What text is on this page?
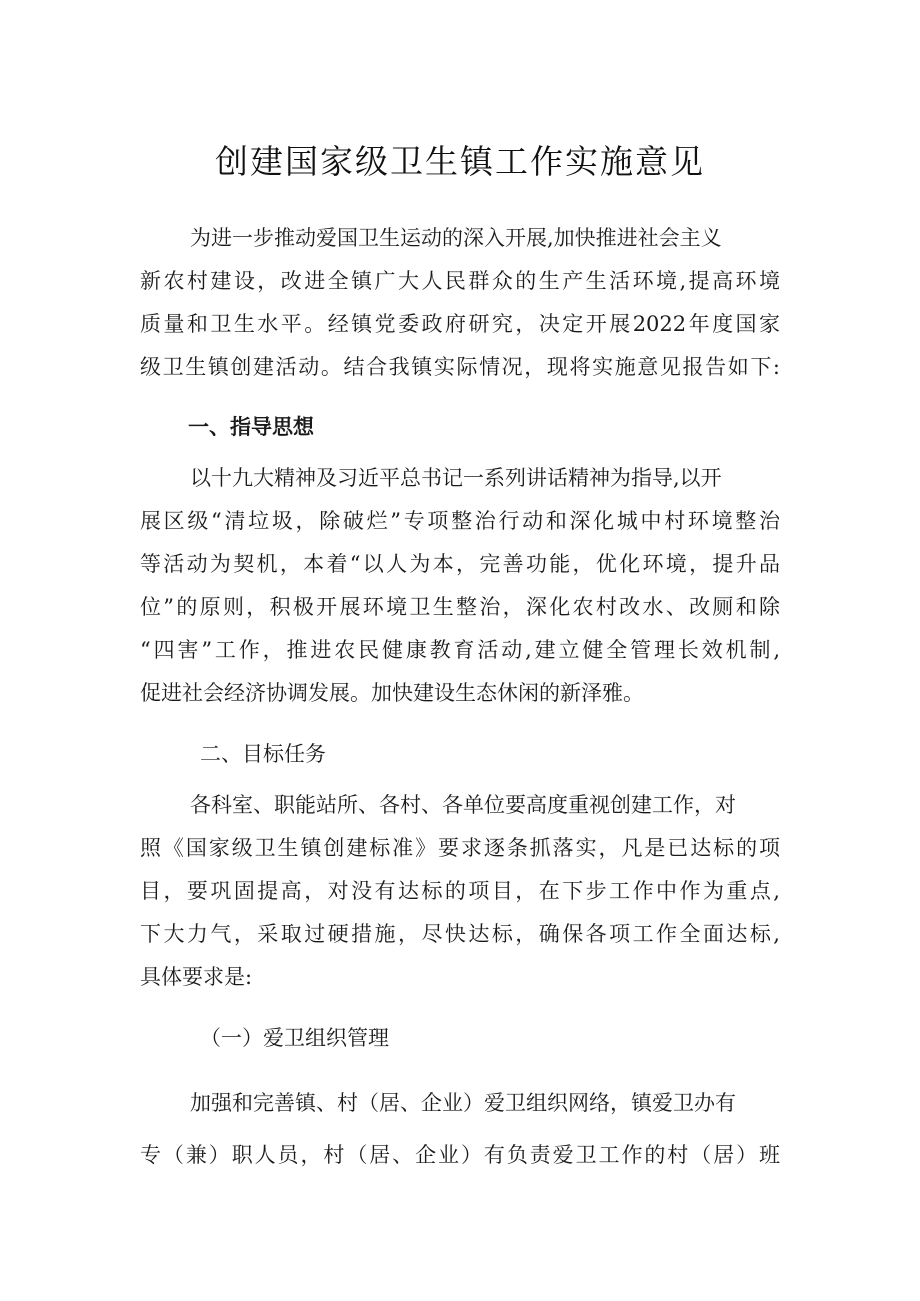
创建国家级卫生镇工作实施意见
为进一步推动爱国卫生运动的深入开展,加快推进社会主义
新农村建设，改进全镇广大人民群众的生产生活环境,提高环境
质量和卫生水平。经镇党委政府研究，决定开展2022年度国家
级卫生镇创建活动。结合我镇实际情况，现将实施意见报告如下:
一、指导思想
以十九大精神及习近平总书记一系列讲话精神为指导,以开
展区级“清垃圾，除破烂”专项整治行动和深化城中村环境整治
等活动为契机，本着“以人为本，完善功能，优化环境，提升品
位”的原则，积极开展环境卫生整治，深化农村改水、改厕和除
“四害”工作，推进农民健康教育活动,建立健全管理长效机制,
促进社会经济协调发展。加快建设生态休闲的新泽雅。
二、目标任务
各科室、职能站所、各村、各单位要高度重视创建工作，对
照《国家级卫生镇创建标准》要求逐条抓落实，凡是已达标的项
目，要巩固提高，对没有达标的项目，在下步工作中作为重点,
下大力气，采取过硬措施，尽快达标，确保各项工作全面达标,
具体要求是:
（一）爱卫组织管理
加强和完善镇、村（居、企业）爱卫组织网络，镇爱卫办有
专（兼）职人员，村（居、企业）有负责爱卫工作的村（居）班
